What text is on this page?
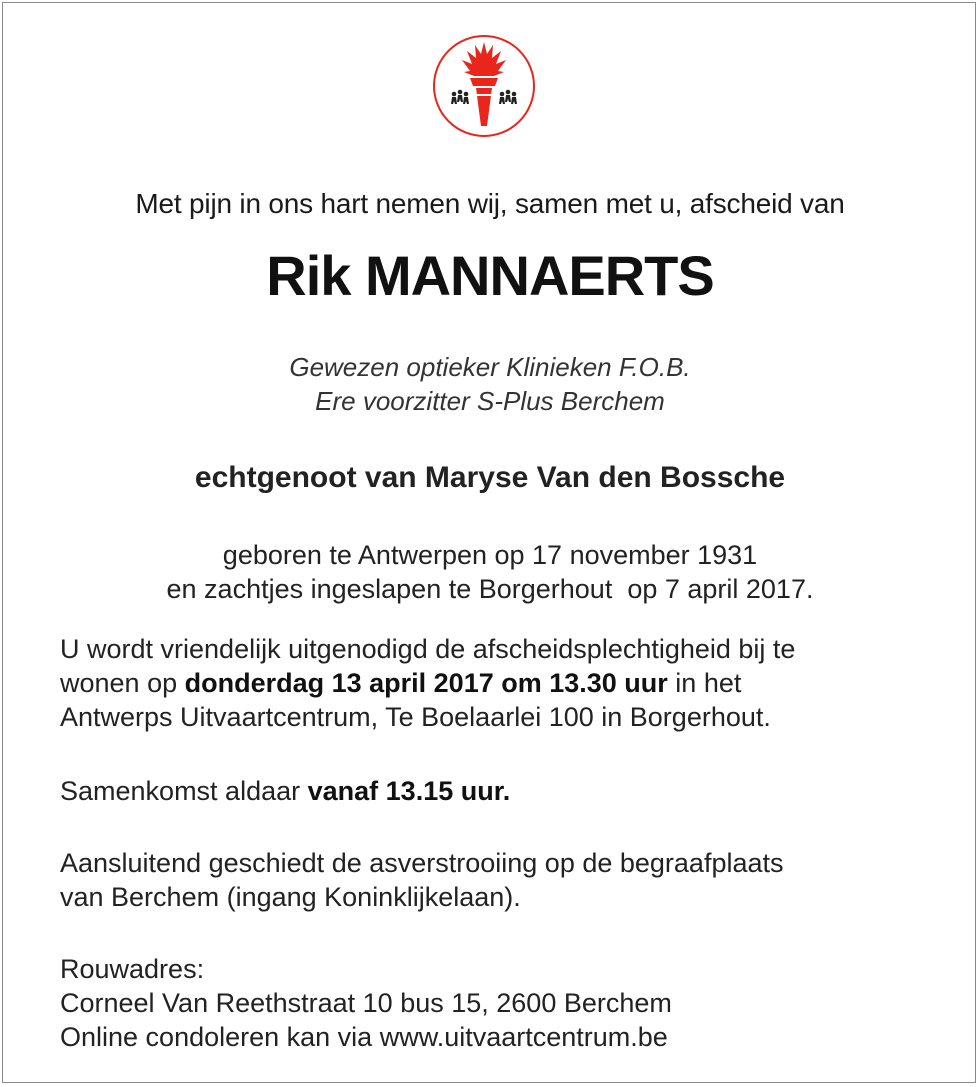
Met pijn in ons hart nemen wij, samen met u, afscheid van
Rik MANNAERTS
Gewezen optieker Klinieken F.O.B.
Ere voorzitter S-Plus Berchem
echtgenoot van Maryse Van den Bossche
geboren te Antwerpen op 17 november 1931
en zachtjes ingeslapen te Borgerhout  op 7 april 2017.
U wordt vriendelijk uitgenodigd de afscheidsplechtigheid bij te
wonen op donderdag 13 april 2017 om 13.30 uur in het
Antwerps Uitvaartcentrum, Te Boelaarlei 100 in Borgerhout.
Samenkomst aldaar vanaf 13.15 uur.
Aansluitend geschiedt de asverstrooiing op de begraafplaats
van Berchem (ingang Koninklijkelaan).
Rouwadres:
Corneel Van Reethstraat 10 bus 15, 2600 Berchem
Online condoleren kan via www.uitvaartcentrum.be
